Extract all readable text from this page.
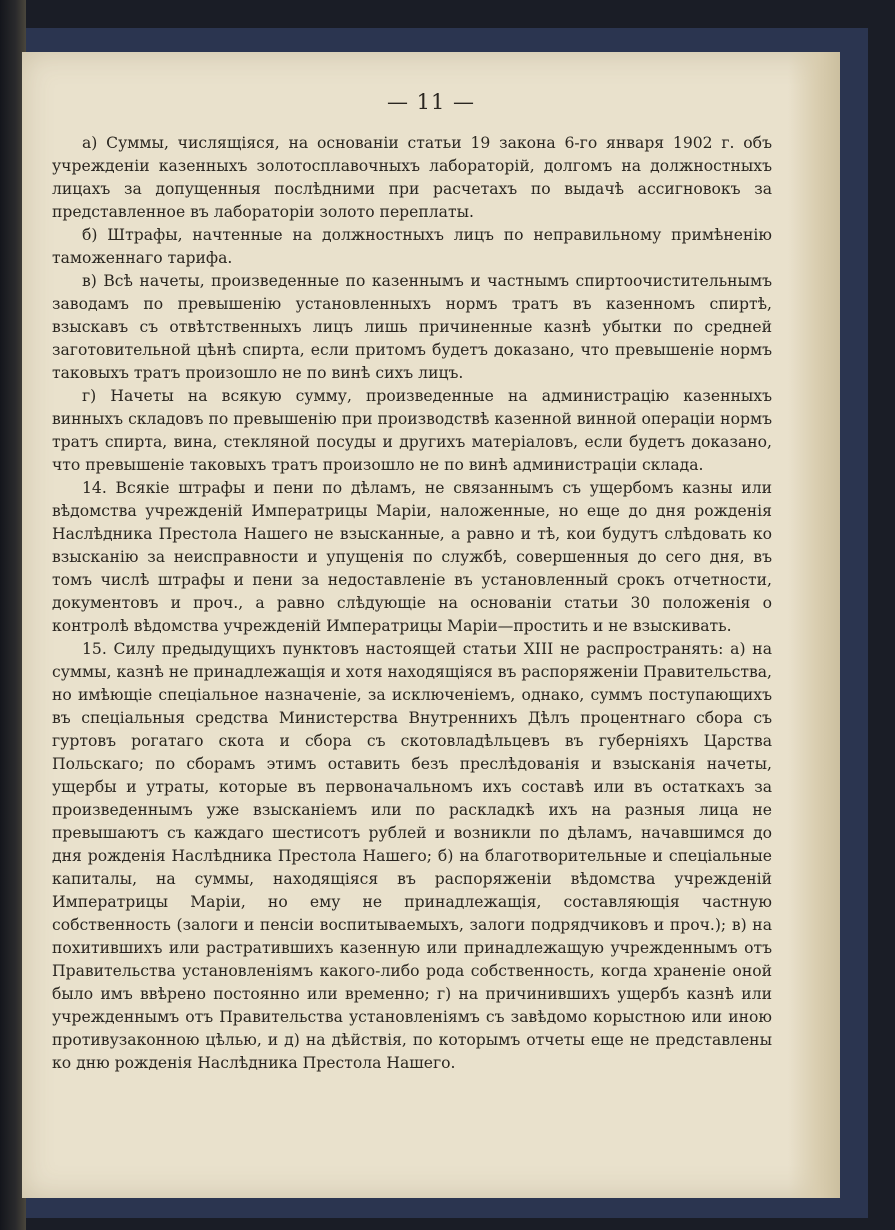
— 11 —

а) Суммы, числящіяся, на основаніи статьи 19 закона 6-го января 1902 г. объ учрежденіи казенныхъ золотосплавочныхъ лабораторій, долгомъ на должностныхъ лицахъ за допущенныя послѣдними при расчетахъ по выдачѣ ассигновокъ за представленное въ лабораторіи золото переплаты.

б) Штрафы, начтенные на должностныхъ лицъ по неправильному примѣненію таможеннаго тарифа.

в) Всѣ начеты, произведенные по казеннымъ и частнымъ спиртоочистительнымъ заводамъ по превышенію установленныхъ нормъ тратъ въ казенномъ спиртѣ, взыскавъ съ отвѣтственныхъ лицъ лишь причиненные казнѣ убытки по средней заготовительной цѣнѣ спирта, если притомъ будетъ доказано, что превышеніе нормъ таковыхъ тратъ произошло не по винѣ сихъ лицъ.

г) Начеты на всякую сумму, произведенные на администрацію казенныхъ винныхъ складовъ по превышенію при производствѣ казенной винной операціи нормъ тратъ спирта, вина, стекляной посуды и другихъ матеріаловъ, если будетъ доказано, что превышеніе таковыхъ тратъ произошло не по винѣ администраціи склада.

14. Всякіе штрафы и пени по дѣламъ, не связаннымъ съ ущербомъ казны или вѣдомства учрежденій Императрицы Маріи, наложенные, но еще до дня рожденія Наслѣдника Престола Нашего не взысканные, а равно и тѣ, кои будутъ слѣдовать ко взысканію за неисправности и упущенія по службѣ, совершенныя до сего дня, въ томъ числѣ штрафы и пени за недоставленіе въ установленный срокъ отчетности, документовъ и проч., а равно слѣдующіе на основаніи статьи 30 положенія о контролѣ вѣдомства учрежденій Императрицы Маріи—простить и не взыскивать.

15. Силу предыдущихъ пунктовъ настоящей статьи XIII не распространять: а) на суммы, казнѣ не принадлежащія и хотя находящіяся въ распоряженіи Правительства, но имѣющіе спеціальное назначеніе, за исключеніемъ, однако, суммъ поступающихъ въ спеціальныя средства Министерства Внутреннихъ Дѣлъ процентнаго сбора съ гуртовъ рогатаго скота и сбора съ скотовладѣльцевъ въ губерніяхъ Царства Польскаго; по сборамъ этимъ оставить безъ преслѣдованія и взысканія начеты, ущербы и утраты, которые въ первоначальномъ ихъ составѣ или въ остаткахъ за произведеннымъ уже взысканіемъ или по раскладкѣ ихъ на разныя лица не превышаютъ съ каждаго шестисотъ рублей и возникли по дѣламъ, начавшимся до дня рожденія Наслѣдника Престола Нашего; б) на благотворительные и спеціальные капиталы, на суммы, находящіяся въ распоряженіи вѣдомства учрежденій Императрицы Маріи, но ему не принадлежащія, составляющія частную собственность (залоги и пенсіи воспитываемыхъ, залоги подрядчиковъ и проч.); в) на похитившихъ или растратившихъ казенную или принадлежащую учрежденнымъ отъ Правительства установленіямъ какого-либо рода собственность, когда храненіе оной было имъ ввѣрено постоянно или временно; г) на причинившихъ ущербъ казнѣ или учрежденнымъ отъ Правительства установленіямъ съ завѣдомо корыстною или иною противузаконною цѣлью, и д) на дѣйствія, по которымъ отчеты еще не представлены ко дню рожденія Наслѣдника Престола Нашего.
